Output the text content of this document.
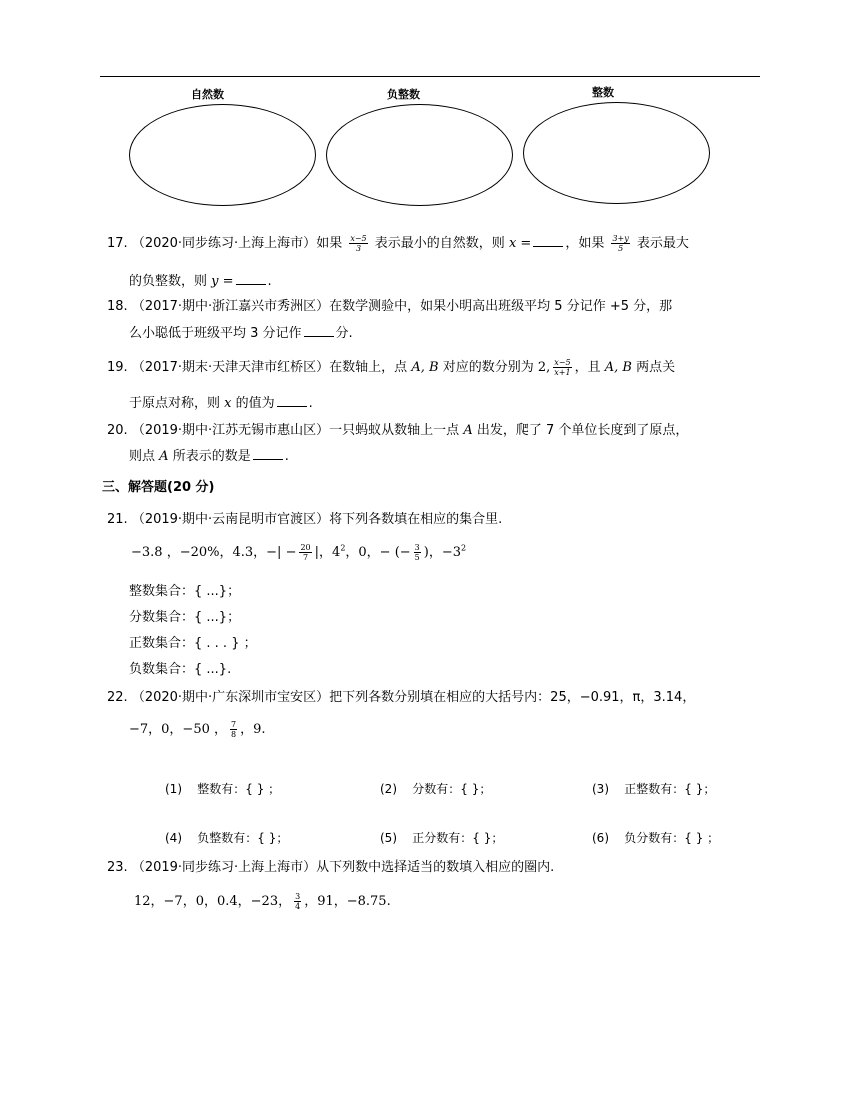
自然数	负整数	整数
17. （2020·同步练习·上海上海市）如果 $\frac{x-5}{3}$ 表示最小的自然数，则 x =	，如果 $\frac{3+y}{5}$ 表示最大
的负整数，则 y =	.
18. （2017·期中·浙江嘉兴市秀洲区）在数学测验中，如果小明高出班级平均 5 分记作 +5 分，那
么小聪低于班级平均 3 分记作	分.
19. （2017·期末·天津天津市红桥区）在数轴上，点 A, B 对应的数分别为 2, $\frac{x-5}{x+1}$ ，且 A, B 两点关
于原点对称，则 x 的值为	.
20. （2019·期中·江苏无锡市惠山区）一只蚂蚁从数轴上一点 A 出发，爬了 7 个单位长度到了原点，
则点 A 所表示的数是	.
三、解答题(20 分)
21. （2019·期中·云南昆明市官渡区）将下列各数填在相应的集合里.
−3.8 ，−20%，4.3，−| − $\frac{20}{7}$ |，$4^2$，0，− (− $\frac{3}{5}$ )，$-3^2$
整数集合：{ ...}；
分数集合：{ ...}；
正数集合：{ . . . } ；
负数集合：{ ...}.
22. （2020·期中·广东深圳市宝安区）把下列各数分别填在相应的大括号内：25，−0.91，π，3.14，
−7，0，−50 ， $\frac{7}{8}$ ，9.
(1) 整数有：{ } ；	(2) 分数有：{ }；	(3) 正整数有：{ }；
(4) 负整数有：{ }；	(5) 正分数有：{ }；	(6) 负分数有：{ } ；
23. （2019·同步练习·上海上海市）从下列数中选择适当的数填入相应的圈内.
12，−7，0，0.4，−23， $\frac{3}{4}$ ，91，−8.75.
